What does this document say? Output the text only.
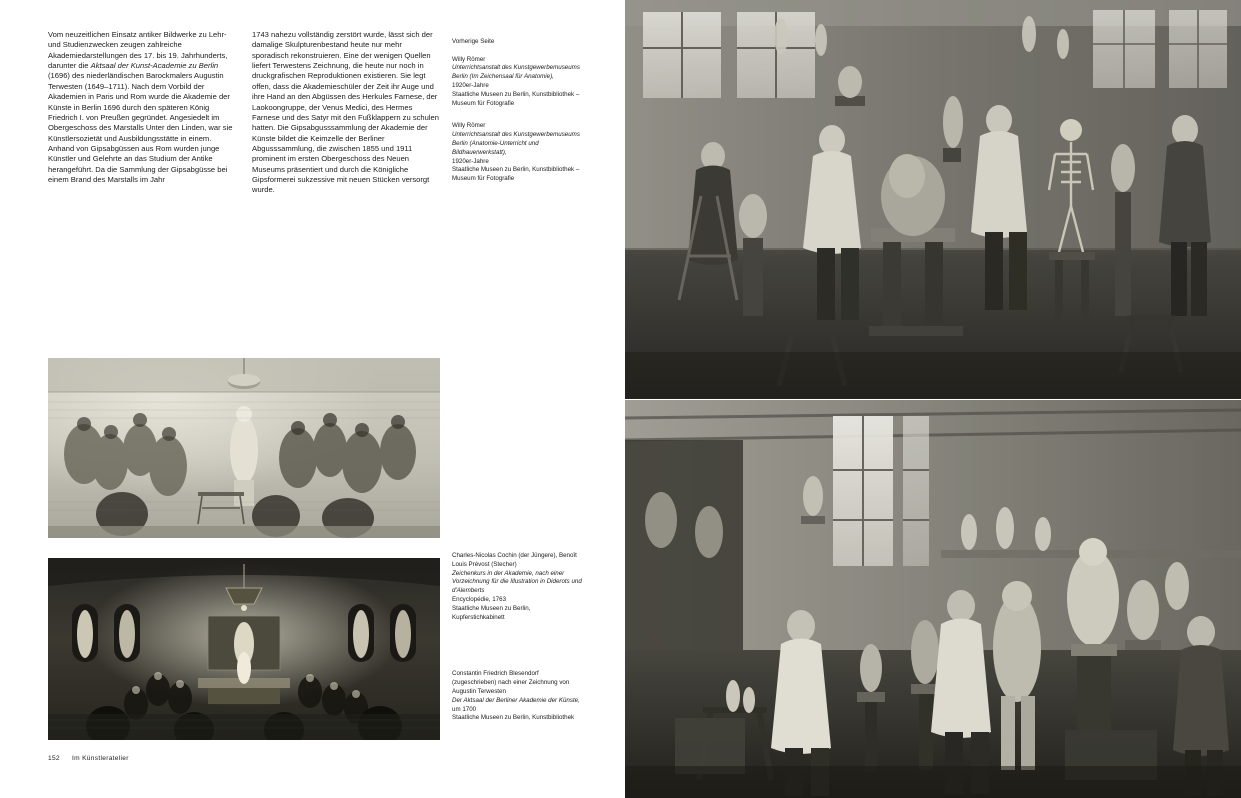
Vom neuzeitlichen Einsatz antiker Bildwerke zu Lehr- und Studienzwecken zeugen zahlreiche Akademiedarstellungen des 17. bis 19. Jahrhunderts, darunter die Aktsaal der Kunst-Academie zu Berlin (1696) des niederländischen Barockmalers Augustin Terwesten (1649–1711). Nach dem Vorbild der Akademien in Paris und Rom wurde die Akademie der Künste in Berlin 1696 durch den späteren König Friedrich I. von Preußen gegründet. Angesiedelt im Obergeschoss des Marstalls Unter den Linden, war sie Künstlersozietät und Ausbildungsstätte in einem. Anhand von Gipsabgüssen aus Rom wurden junge Künstler und Gelehrte an das Studium der Antike herangeführt. Da die Sammlung der Gipsabgüsse bei einem Brand des Marstalls im Jahr

1743 nahezu vollständig zerstört wurde, lässt sich der damalige Skulpturenbestand heute nur mehr sporadisch rekonstruieren. Eine der wenigen Quellen liefert Terwestens Zeichnung, die heute nur noch in druckgrafischen Reproduktionen existieren. Sie legt offen, dass die Akademieschüler der Zeit ihr Auge und ihre Hand an den Abgüssen des Herkules Farnese, der Laokoongruppe, der Venus Medici, des Hermes Farnese und des Satyr mit den Fußklappern zu schulen hatten. Die Gipsabgusssammlung der Akademie der Künste bildet die Keimzelle der Berliner Abgusssammlung, die zwischen 1855 und 1911 prominent im ersten Obergeschoss des Neuen Museums präsentiert und durch die Königliche Gipsformerei sukzessive mit neuen Stücken versorgt wurde.

Vorherige Seite

Willy Römer
Unterrichtsanstalt des Kunstgewerbemuseums Berlin (Im Zeichensaal für Anatomie),
1920er-Jahre
Staatliche Museen zu Berlin, Kunstbibliothek – Museum für Fotografie
Willy Römer
Unterrichtsanstalt des Kunstgewerbemuseums Berlin (Anatomie-Unterricht und Bildhauerwerkstatt),
1920er-Jahre
Staatliche Museen zu Berlin, Kunstbibliothek – Museum für Fotografie
Charles-Nicolas Cochin (der Jüngere), Benoît Louis Prévost (Stecher)
Zeichenkurs in der Akademie, nach einer Vorzeichnung für die Illustration in Diderots und d'Alemberts
Encyclopédie, 1763
Staatliche Museen zu Berlin, Kupferstichkabinett
Constantin Friedrich Blesendorf (zugeschrieben) nach einer Zeichnung von Augustin Terwesten
Der Aktsaal der Berliner Akademie der Künste,
um 1700
Staatliche Museen zu Berlin, Kunstbibliothek
152 Im Künstleratelier
